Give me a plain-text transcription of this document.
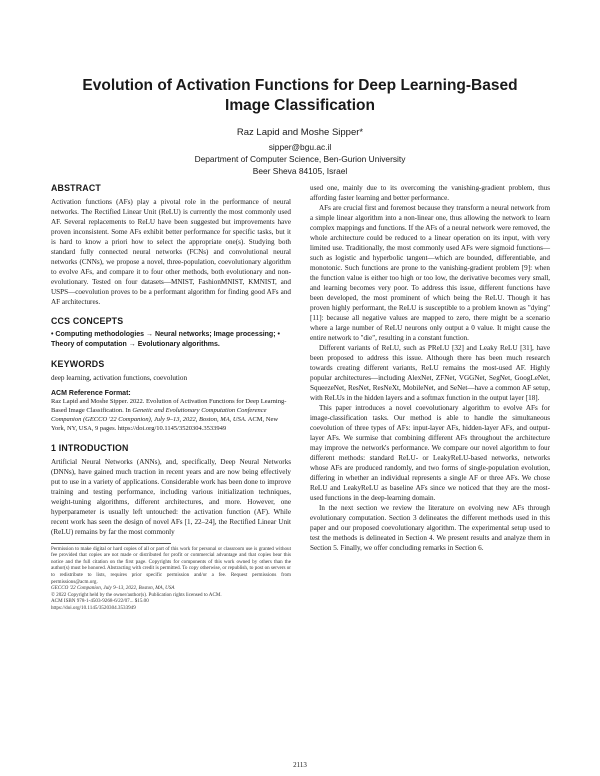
Evolution of Activation Functions for Deep Learning-Based
Image Classification
Raz Lapid and Moshe Sipper*
sipper@bgu.ac.il
Department of Computer Science, Ben-Gurion University
Beer Sheva 84105, Israel
ABSTRACT

Activation functions (AFs) play a pivotal role in the performance of neural networks. The Rectified Linear Unit (ReLU) is currently the most commonly used AF. Several replacements to ReLU have been suggested but improvements have proven inconsistent. Some AFs exhibit better performance for specific tasks, but it is hard to know a priori how to select the appropriate one(s). Studying both standard fully connected neural networks (FCNs) and convolutional neural networks (CNNs), we propose a novel, three-population, coevolutionary algorithm to evolve AFs, and compare it to four other methods, both evolutionary and non-evolutionary. Tested on four datasets—MNIST, FashionMNIST, KMNIST, and USPS—coevolution proves to be a performant algorithm for finding good AFs and AF architectures.

CCS CONCEPTS
• Computing methodologies → Neural networks; Image processing; • Theory of computation → Evolutionary algorithms.
KEYWORDS

deep learning, activation functions, coevolution

ACM Reference Format:

Raz Lapid and Moshe Sipper. 2022. Evolution of Activation Functions for Deep Learning-Based Image Classification. In Genetic and Evolutionary Computation Conference Companion (GECCO '22 Companion), July 9–13, 2022, Boston, MA, USA. ACM, New York, NY, USA, 9 pages. https://doi.org/10.1145/3520304.3533949

1 INTRODUCTION

Artificial Neural Networks (ANNs), and, specifically, Deep Neural Networks (DNNs), have gained much traction in recent years and are now being effectively put to use in a variety of applications. Considerable work has been done to improve training and testing performance, including various initialization techniques, weight-tuning algorithms, different architectures, and more. However, one hyperparameter is usually left untouched: the activation function (AF). While recent work has seen the design of novel AFs [1, 22–24], the Rectified Linear Unit (ReLU) remains by far the most commonly

Permission to make digital or hard copies of all or part of this work for personal or classroom use is granted without fee provided that copies are not made or distributed for profit or commercial advantage and that copies bear this notice and the full citation on the first page. Copyrights for components of this work owned by others than the author(s) must be honored. Abstracting with credit is permitted. To copy otherwise, or republish, to post on servers or to redistribute to lists, requires prior specific permission and/or a fee. Request permissions from permissions@acm.org.

GECCO '22 Companion, July 9–13, 2022, Boston, MA, USA

© 2022 Copyright held by the owner/author(s). Publication rights licensed to ACM.

ACM ISBN 978-1-4503-9268-6/22/07... $15.00

https://doi.org/10.1145/3520304.3533949

used one, mainly due to its overcoming the vanishing-gradient problem, thus affording faster learning and better performance.

AFs are crucial first and foremost because they transform a neural network from a simple linear algorithm into a non-linear one, thus allowing the network to learn complex mappings and functions. If the AFs of a neural network were removed, the whole architecture could be reduced to a linear operation on its input, with very limited use. Traditionally, the most commonly used AFs were sigmoid functions—such as logistic and hyperbolic tangent—which are bounded, differentiable, and monotonic. Such functions are prone to the vanishing-gradient problem [9]: when the function value is either too high or too low, the derivative becomes very small, and learning becomes very poor. To address this issue, different functions have been developed, the most prominent of which being the ReLU. Though it has proven highly performant, the ReLU is susceptible to a problem known as "dying" [11]: because all negative values are mapped to zero, there might be a scenario where a large number of ReLU neurons only output a 0 value. It might cause the entire network to "die", resulting in a constant function.

Different variants of ReLU, such as PReLU [32] and Leaky ReLU [31], have been proposed to address this issue. Although there has been much research towards creating different variants, ReLU remains the most-used AF. Highly popular architectures—including AlexNet, ZFNet, VGGNet, SegNet, GoogLeNet, SqueezeNet, ResNet, ResNeXt, MobileNet, and SeNet—have a common AF setup, with ReLUs in the hidden layers and a softmax function in the output layer [18].

This paper introduces a novel coevolutionary algorithm to evolve AFs for image-classification tasks. Our method is able to handle the simultaneous coevolution of three types of AFs: input-layer AFs, hidden-layer AFs, and output-layer AFs. We surmise that combining different AFs throughout the architecture may improve the network's performance. We compare our novel algorithm to four different methods: standard ReLU- or LeakyReLU-based networks, networks whose AFs are produced randomly, and two forms of single-population evolution, differing in whether an individual represents a single AF or three AFs. We chose ReLU and LeakyReLU as baseline AFs since we noticed that they are the most-used functions in the deep-learning domain.

In the next section we review the literature on evolving new AFs through evolutionary computation. Section 3 delineates the different methods used in this paper and our proposed coevolutionary algorithm. The experimental setup used to test the methods is delineated in Section 4. We present results and analyze them in Section 5. Finally, we offer concluding remarks in Section 6.

2113
